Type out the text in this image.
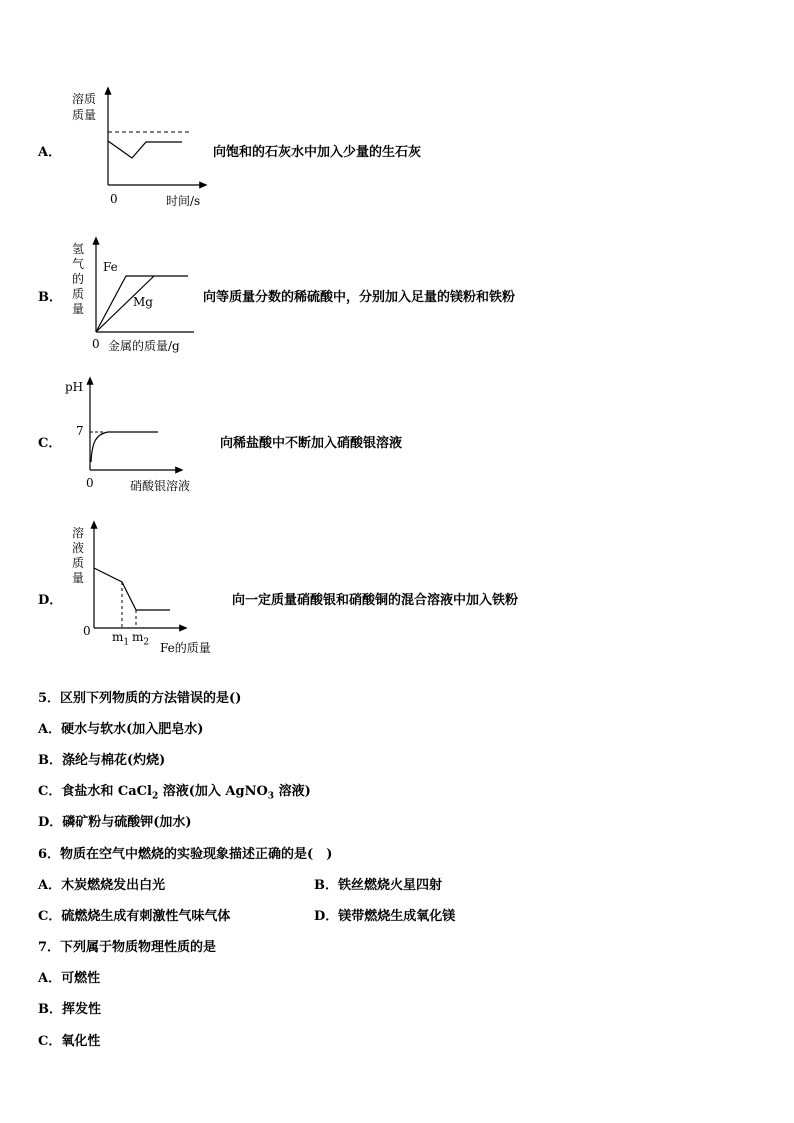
A．
溶质
质量
0	时间/s
向饱和的石灰水中加入少量的生石灰
B．
氢
气
的
质
量
Fe
Mg
0 金属的质量/g
向等质量分数的稀硫酸中，分别加入足量的镁粉和铁粉
C．
pH
7
0	硝酸银溶液
向稀盐酸中不断加入硝酸银溶液
D．
溶
液
质
量
0 $m_1$ $m_2$ Fe的质量
向一定质量硝酸银和硝酸铜的混合溶液中加入铁粉
5．区别下列物质的方法错误的是()
A．硬水与软水(加入肥皂水)
B．涤纶与棉花(灼烧)
C．食盐水和 CaCl$_2$ 溶液(加入 AgNO$_3$ 溶液)
D．磷矿粉与硫酸钾(加水)
6．物质在空气中燃烧的实验现象描述正确的是(　)
A．木炭燃烧发出白光	B．铁丝燃烧火星四射
C．硫燃烧生成有刺激性气味气体	D．镁带燃烧生成氧化镁
7．下列属于物质物理性质的是
A．可燃性
B．挥发性
C．氧化性
